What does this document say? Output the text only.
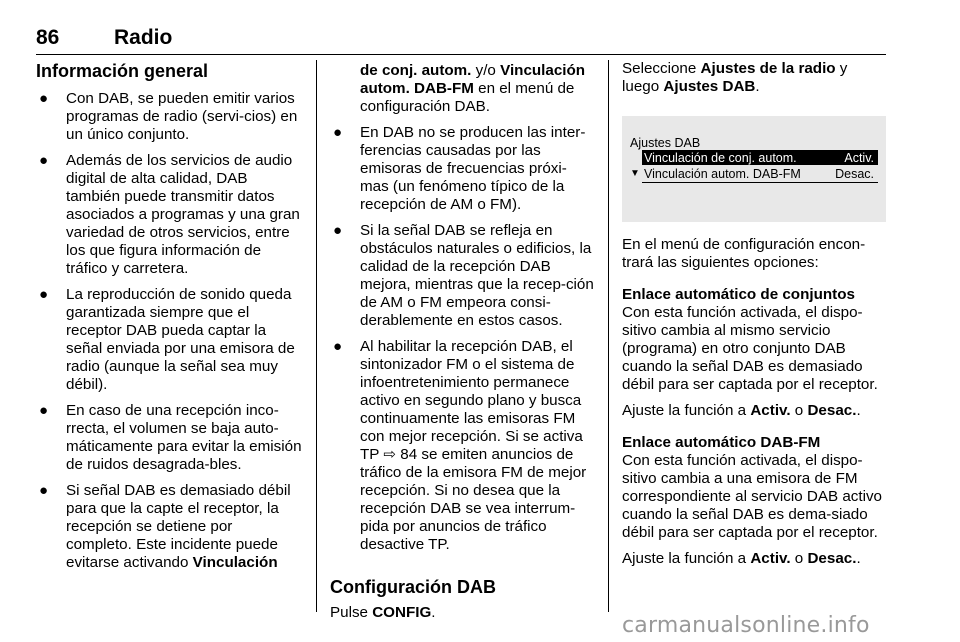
86	Radio
Información general
● Con DAB, se pueden emitir varios programas de radio (servi-cios) en un único conjunto.
● Además de los servicios de audio digital de alta calidad, DAB también puede transmitir datos asociados a programas y una gran variedad de otros servicios, entre los que figura información de tráfico y carretera.
● La reproducción de sonido queda garantizada siempre que el receptor DAB pueda captar la señal enviada por una emisora de radio (aunque la señal sea muy débil).
● En caso de una recepción inco-rrecta, el volumen se baja auto-máticamente para evitar la emisión de ruidos desagrada-bles.
● Si señal DAB es demasiado débil para que la capte el receptor, la recepción se detiene por completo. Este incidente puede evitarse activando Vinculación
de conj. autom. y/o Vinculación autom. DAB-FM en el menú de configuración DAB.
● En DAB no se producen las inter-ferencias causadas por las emisoras de frecuencias próxi-mas (un fenómeno típico de la recepción de AM o FM).
● Si la señal DAB se refleja en obstáculos naturales o edificios, la calidad de la recepción DAB mejora, mientras que la recep-ción de AM o FM empeora consi-derablemente en estos casos.
● Al habilitar la recepción DAB, el sintonizador FM o el sistema de infoentretenimiento permanece activo en segundo plano y busca continuamente las emisoras FM con mejor recepción. Si se activa TP ⇨ 84 se emiten anuncios de tráfico de la emisora FM de mejor recepción. Si no desea que la recepción DAB se vea interrum-pida por anuncios de tráfico desactive TP.
Configuración DAB
Pulse CONFIG.
Seleccione Ajustes de la radio y luego Ajustes DAB.
Ajustes DAB
Vinculación de conj. autom.	Activ.
▼ Vinculación autom. DAB-FM	Desac.
En el menú de configuración encon-trará las siguientes opciones:
Enlace automático de conjuntos
Con esta función activada, el dispo-sitivo cambia al mismo servicio (programa) en otro conjunto DAB cuando la señal DAB es demasiado débil para ser captada por el receptor.
Ajuste la función a Activ. o Desac..
Enlace automático DAB-FM
Con esta función activada, el dispo-sitivo cambia a una emisora de FM correspondiente al servicio DAB activo cuando la señal DAB es dema-siado débil para ser captada por el receptor.
Ajuste la función a Activ. o Desac..
carmanualsonline.info
